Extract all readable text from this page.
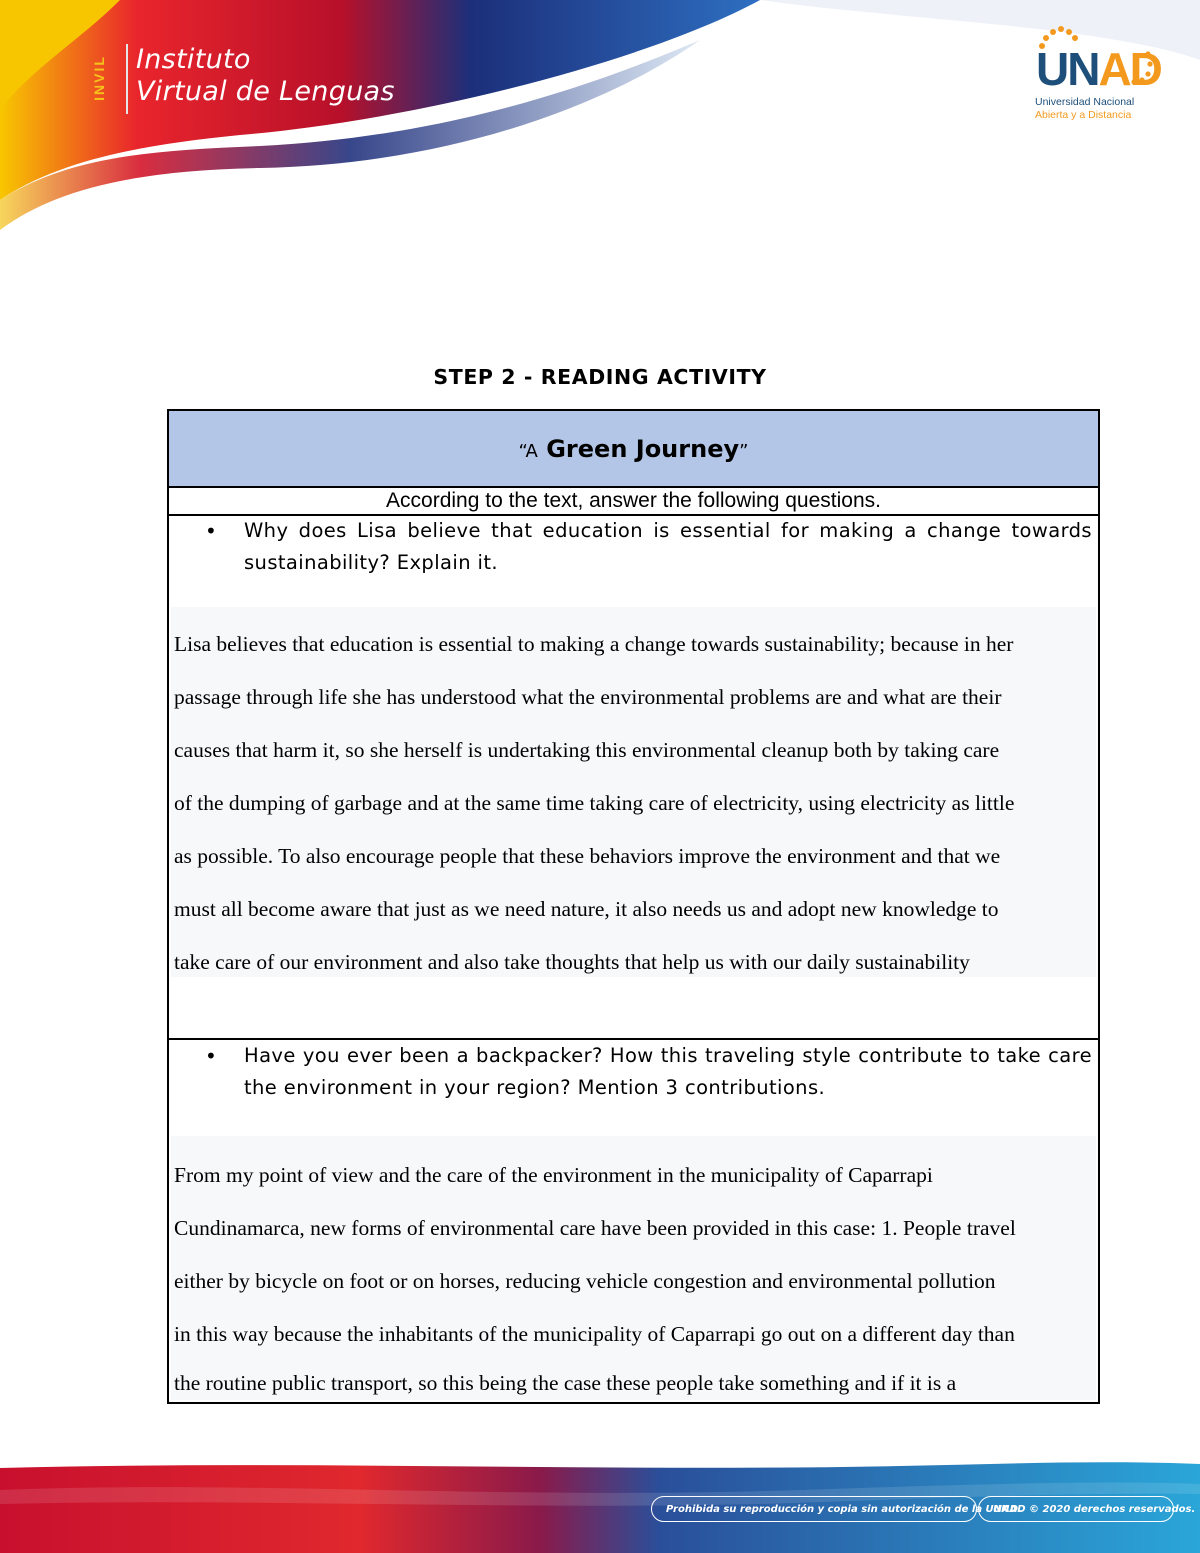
INVIL Instituto
Virtual de Lenguas	UNAD
Universidad Nacional
Abierta y a Distancia
STEP 2 - READING ACTIVITY
“A Green Journey”
According to the text, answer the following questions.
• Why does Lisa believe that education is essential for making a change towards sustainability? Explain it.
Lisa believes that education is essential to making a change towards sustainability; because in her
passage through life she has understood what the environmental problems are and what are their
causes that harm it, so she herself is undertaking this environmental cleanup both by taking care
of the dumping of garbage and at the same time taking care of electricity, using electricity as little
as possible. To also encourage people that these behaviors improve the environment and that we
must all become aware that just as we need nature, it also needs us and adopt new knowledge to
take care of our environment and also take thoughts that help us with our daily sustainability
• Have you ever been a backpacker? How this traveling style contribute to take care the environment in your region? Mention 3 contributions.
From my point of view and the care of the environment in the municipality of Caparrapi
Cundinamarca, new forms of environmental care have been provided in this case: 1. People travel
either by bicycle on foot or on horses, reducing vehicle congestion and environmental pollution
in this way because the inhabitants of the municipality of Caparrapi go out on a different day than
the routine public transport, so this being the case these people take something and if it is a
Prohibida su reproducción y copia sin autorización de la UNAD.
UNAD © 2020 derechos reservados.
